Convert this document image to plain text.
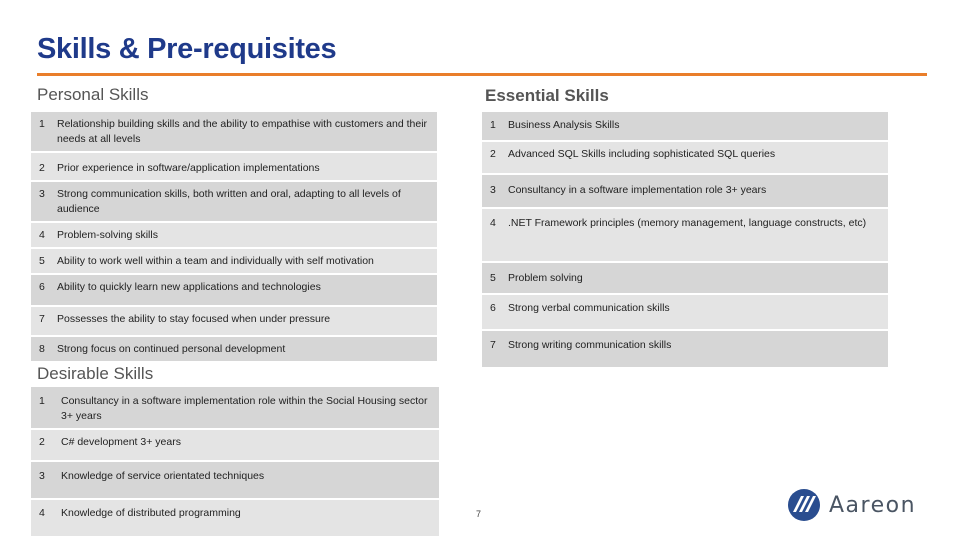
Skills & Pre-requisites
Personal Skills	Essential Skills
Desirable Skills
1	Relationship building skills and the ability to empathise with customers and their needs at all levels
2	Prior experience in software/application implementations
3	Strong communication skills, both written and oral, adapting to all levels of audience
4	Problem-solving skills
5	Ability to work well within a team and individually with self motivation
6	Ability to quickly learn new applications and technologies
7	Possesses the ability to stay focused when under pressure
8	Strong focus on continued personal development
1	Business Analysis Skills
2	Advanced SQL Skills including sophisticated SQL queries
3	Consultancy in a software implementation role 3+ years
4	.NET Framework principles (memory management, language constructs, etc)
5	Problem solving
6	Strong verbal communication skills
7	Strong writing communication skills
1	Consultancy in a software implementation role within the Social Housing sector 3+ years
2	C# development 3+ years
3	Knowledge of service orientated techniques
4	Knowledge of distributed programming	7	Aareon
